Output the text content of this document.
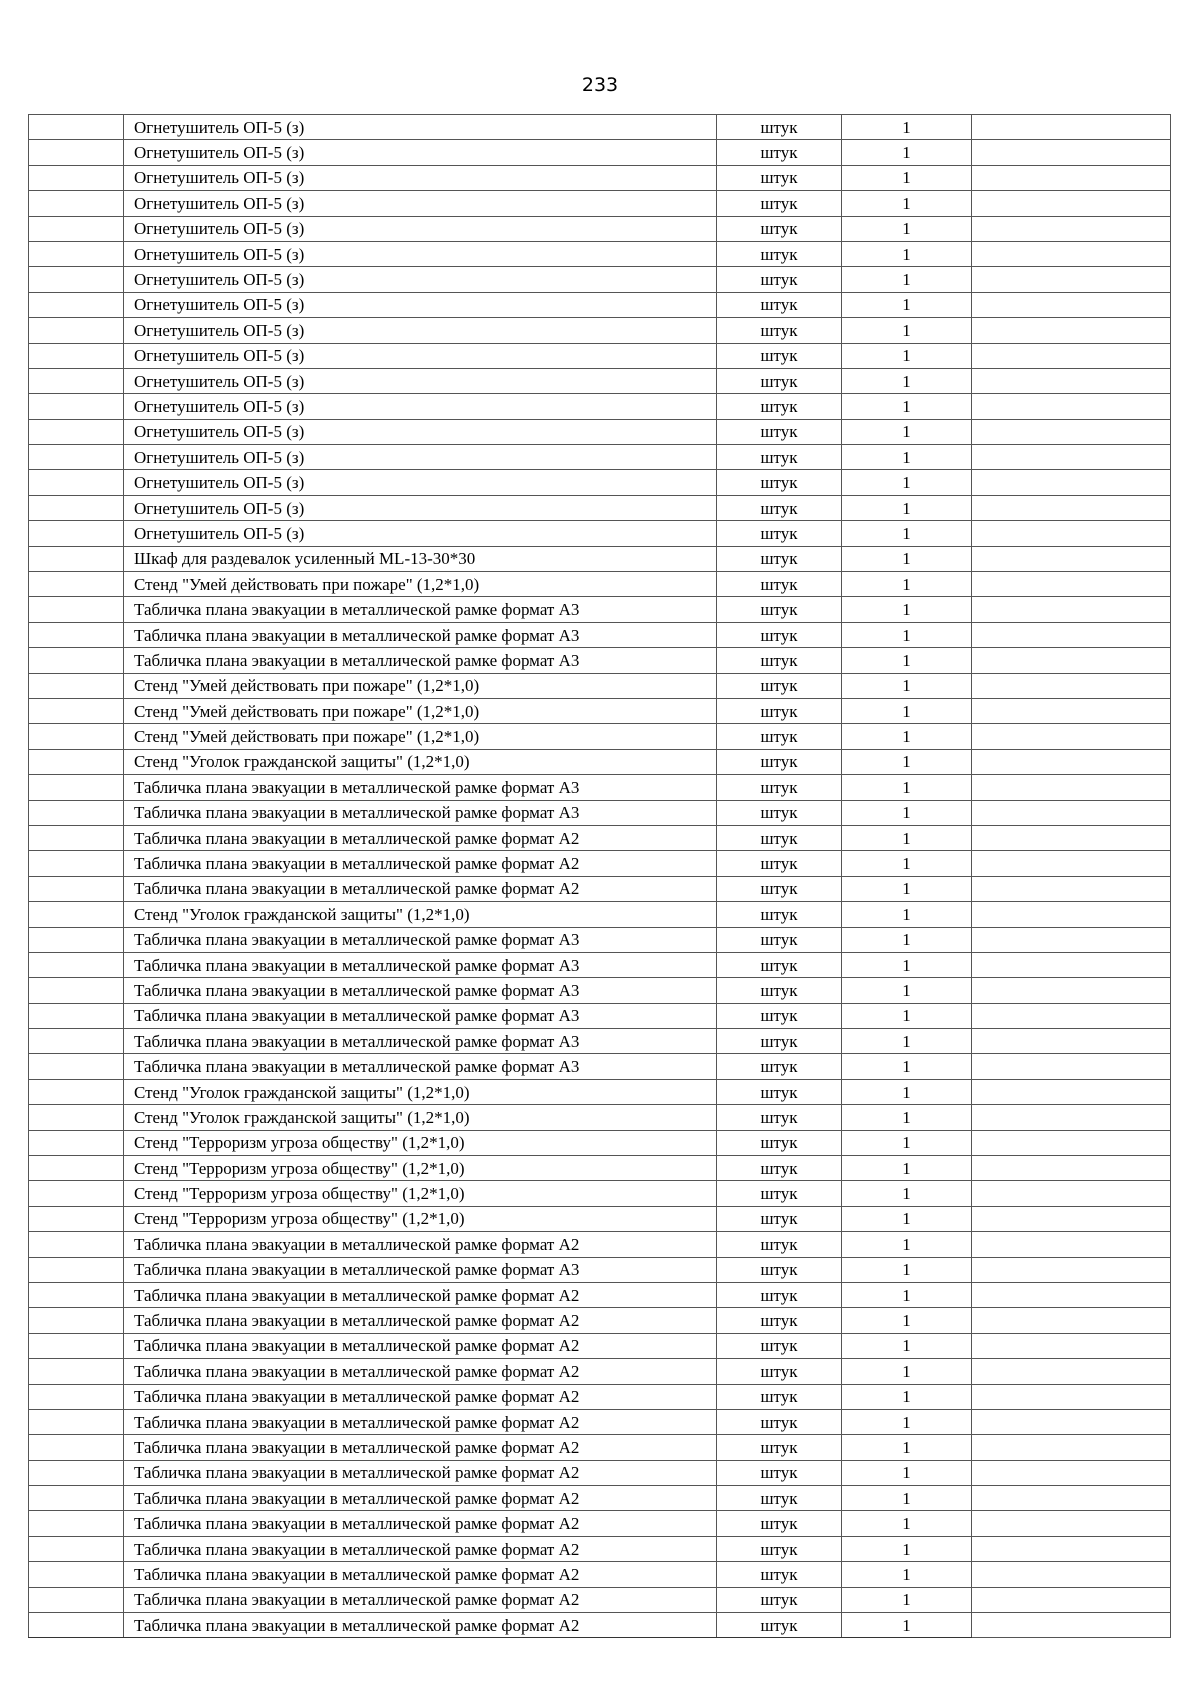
233
	Огнетушитель ОП-5 (з)	штук	1	
	Огнетушитель ОП-5 (з)	штук	1	
	Огнетушитель ОП-5 (з)	штук	1	
	Огнетушитель ОП-5 (з)	штук	1	
	Огнетушитель ОП-5 (з)	штук	1	
	Огнетушитель ОП-5 (з)	штук	1	
	Огнетушитель ОП-5 (з)	штук	1	
	Огнетушитель ОП-5 (з)	штук	1	
	Огнетушитель ОП-5 (з)	штук	1	
	Огнетушитель ОП-5 (з)	штук	1	
	Огнетушитель ОП-5 (з)	штук	1	
	Огнетушитель ОП-5 (з)	штук	1	
	Огнетушитель ОП-5 (з)	штук	1	
	Огнетушитель ОП-5 (з)	штук	1	
	Огнетушитель ОП-5 (з)	штук	1	
	Огнетушитель ОП-5 (з)	штук	1	
	Огнетушитель ОП-5 (з)	штук	1	
	Шкаф для раздевалок усиленный ML-13-30*30	штук	1	
	Стенд "Умей действовать при пожаре" (1,2*1,0)	штук	1	
	Табличка плана эвакуации в металлической рамке формат А3	штук	1	
	Табличка плана эвакуации в металлической рамке формат А3	штук	1	
	Табличка плана эвакуации в металлической рамке формат А3	штук	1	
	Стенд "Умей действовать при пожаре" (1,2*1,0)	штук	1	
	Стенд "Умей действовать при пожаре" (1,2*1,0)	штук	1	
	Стенд "Умей действовать при пожаре" (1,2*1,0)	штук	1	
	Стенд "Уголок гражданской защиты" (1,2*1,0)	штук	1	
	Табличка плана эвакуации в металлической рамке формат А3	штук	1	
	Табличка плана эвакуации в металлической рамке формат А3	штук	1	
	Табличка плана эвакуации в металлической рамке формат А2	штук	1	
	Табличка плана эвакуации в металлической рамке формат А2	штук	1	
	Табличка плана эвакуации в металлической рамке формат А2	штук	1	
	Стенд "Уголок гражданской защиты" (1,2*1,0)	штук	1	
	Табличка плана эвакуации в металлической рамке формат А3	штук	1	
	Табличка плана эвакуации в металлической рамке формат А3	штук	1	
	Табличка плана эвакуации в металлической рамке формат А3	штук	1	
	Табличка плана эвакуации в металлической рамке формат А3	штук	1	
	Табличка плана эвакуации в металлической рамке формат А3	штук	1	
	Табличка плана эвакуации в металлической рамке формат А3	штук	1	
	Стенд "Уголок гражданской защиты" (1,2*1,0)	штук	1	
	Стенд "Уголок гражданской защиты" (1,2*1,0)	штук	1	
	Стенд "Терроризм угроза обществу" (1,2*1,0)	штук	1	
	Стенд "Терроризм угроза обществу" (1,2*1,0)	штук	1	
	Стенд "Терроризм угроза обществу" (1,2*1,0)	штук	1	
	Стенд "Терроризм угроза обществу" (1,2*1,0)	штук	1	
	Табличка плана эвакуации в металлической рамке формат А2	штук	1	
	Табличка плана эвакуации в металлической рамке формат А3	штук	1	
	Табличка плана эвакуации в металлической рамке формат А2	штук	1	
	Табличка плана эвакуации в металлической рамке формат А2	штук	1	
	Табличка плана эвакуации в металлической рамке формат А2	штук	1	
	Табличка плана эвакуации в металлической рамке формат А2	штук	1	
	Табличка плана эвакуации в металлической рамке формат А2	штук	1	
	Табличка плана эвакуации в металлической рамке формат А2	штук	1	
	Табличка плана эвакуации в металлической рамке формат А2	штук	1	
	Табличка плана эвакуации в металлической рамке формат А2	штук	1	
	Табличка плана эвакуации в металлической рамке формат А2	штук	1	
	Табличка плана эвакуации в металлической рамке формат А2	штук	1	
	Табличка плана эвакуации в металлической рамке формат А2	штук	1	
	Табличка плана эвакуации в металлической рамке формат А2	штук	1	
	Табличка плана эвакуации в металлической рамке формат А2	штук	1	
	Табличка плана эвакуации в металлической рамке формат А2	штук	1	
